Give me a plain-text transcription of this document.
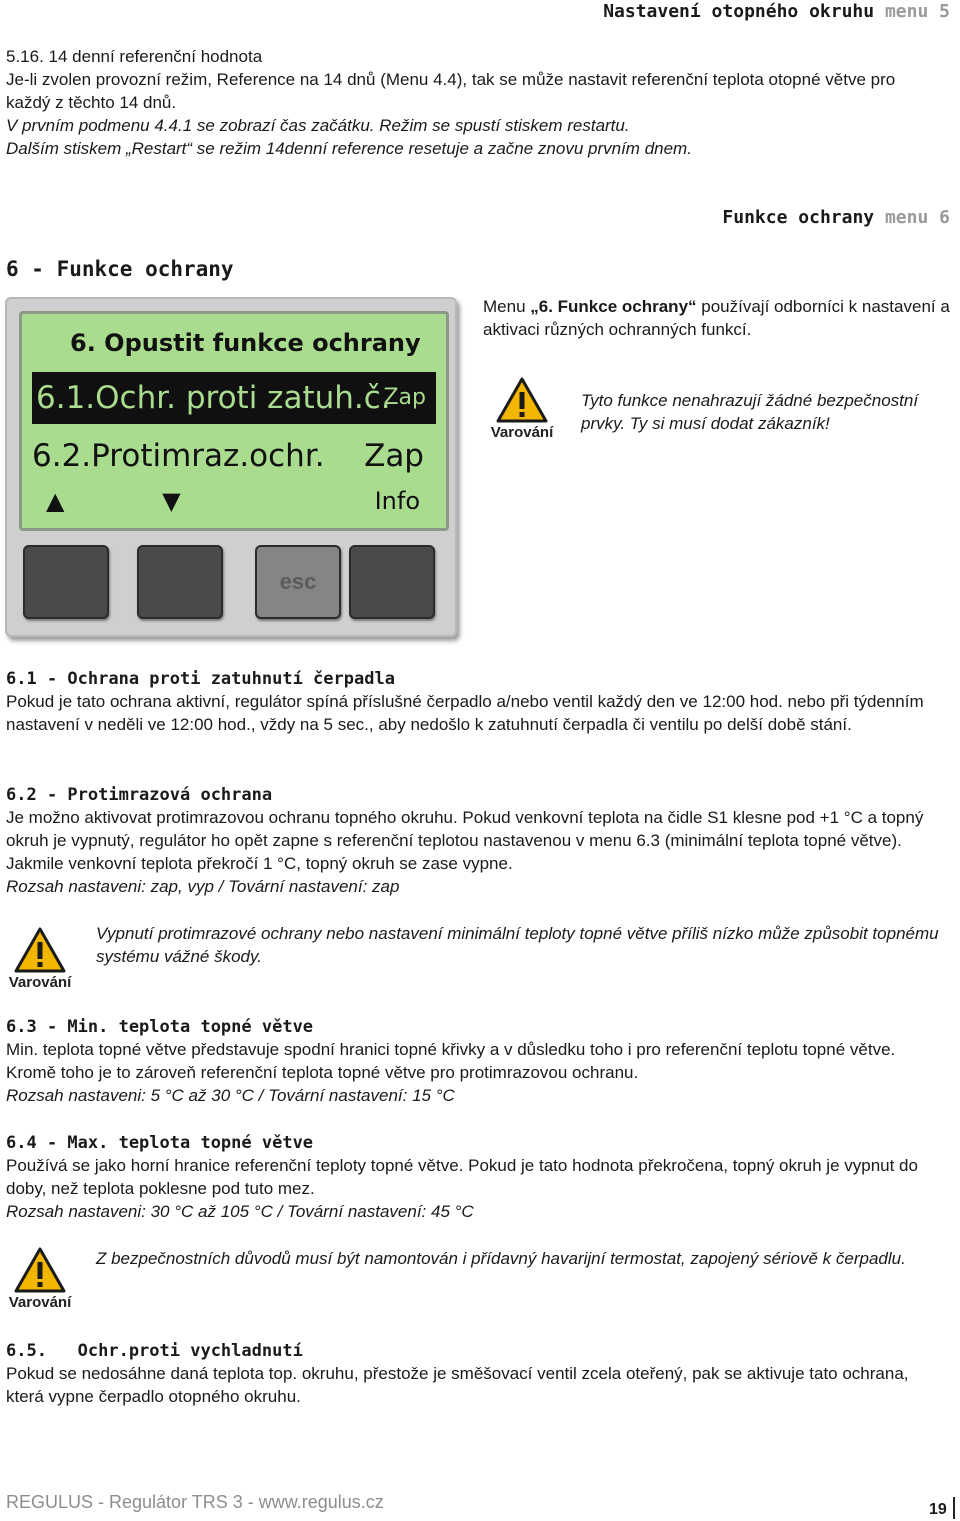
Nastavení otopného okruhu menu 5
5.16. 14 denní referenční hodnota
Je-li zvolen provozní režim, Reference na 14 dnů (Menu 4.4), tak se může nastavit referenční teplota otopné větve pro každý z těchto 14 dnů.
V prvním podmenu 4.4.1 se zobrazí čas začátku. Režim se spustí stiskem restartu.
Dalším stiskem „Restart“ se režim 14denní reference resetuje a začne znovu prvním dnem.
Funkce ochrany menu 6
6 - Funkce ochrany
6. Opustit funkce ochrany
6.1.Ochr. proti zatuh.č.
Zap
6.2.Protimraz.ochr. Zap
▲	▼	Info
esc
Menu „6. Funkce ochrany“ používají odborníci k nastavení a aktivaci různých ochranných funkcí.
Varování
Tyto funkce nenahrazují žádné bezpečnostní prvky. Ty si musí dodat zákazník!
6.1 - Ochrana proti zatuhnutí čerpadla
Pokud je tato ochrana aktivní, regulátor spíná příslušné čerpadlo a/nebo ventil každý den ve 12:00 hod. nebo při týdenním nastavení v neděli ve 12:00 hod., vždy na 5 sec., aby nedošlo k zatuhnutí čerpadla či ventilu po delší době stání.
6.2 - Protimrazová ochrana
Je možno aktivovat protimrazovou ochranu topného okruhu. Pokud venkovní teplota na čidle S1 klesne pod +1 °C a topný okruh je vypnutý, regulátor ho opět zapne s referenční teplotou nastavenou v menu 6.3 (minimální teplota topné větve). Jakmile venkovní teplota překročí 1 °C, topný okruh se zase vypne.
Rozsah nastaveni: zap, vyp / Tovární nastavení: zap
Varování
Vypnutí protimrazové ochrany nebo nastavení minimální teploty topné větve příliš nízko může způsobit topnému systému vážné škody.
6.3 - Min. teplota topné větve
Min. teplota topné větve představuje spodní hranici topné křivky a v důsledku toho i pro referenční teplotu topné větve. Kromě toho je to zároveň referenční teplota topné větve pro protimrazovou ochranu.
Rozsah nastaveni: 5 °C až 30 °C / Tovární nastavení: 15 °C
6.4 - Max. teplota topné větve
Používá se jako horní hranice referenční teploty topné větve. Pokud je tato hodnota překročena, topný okruh je vypnut do doby, než teplota poklesne pod tuto mez.
Rozsah nastaveni: 30 °C až 105 °C / Tovární nastavení: 45 °C
Varování
Z bezpečnostních důvodů musí být namontován i přídavný havarijní termostat, zapojený sériově k čerpadlu.
6.5.   Ochr.proti vychladnutí
Pokud se nedosáhne daná teplota top. okruhu, přestože je směšovací ventil zcela oteřený, pak se aktivuje tato ochrana, která vypne čerpadlo otopného okruhu.
REGULUS - Regulátor TRS 3 - www.regulus.cz	19
